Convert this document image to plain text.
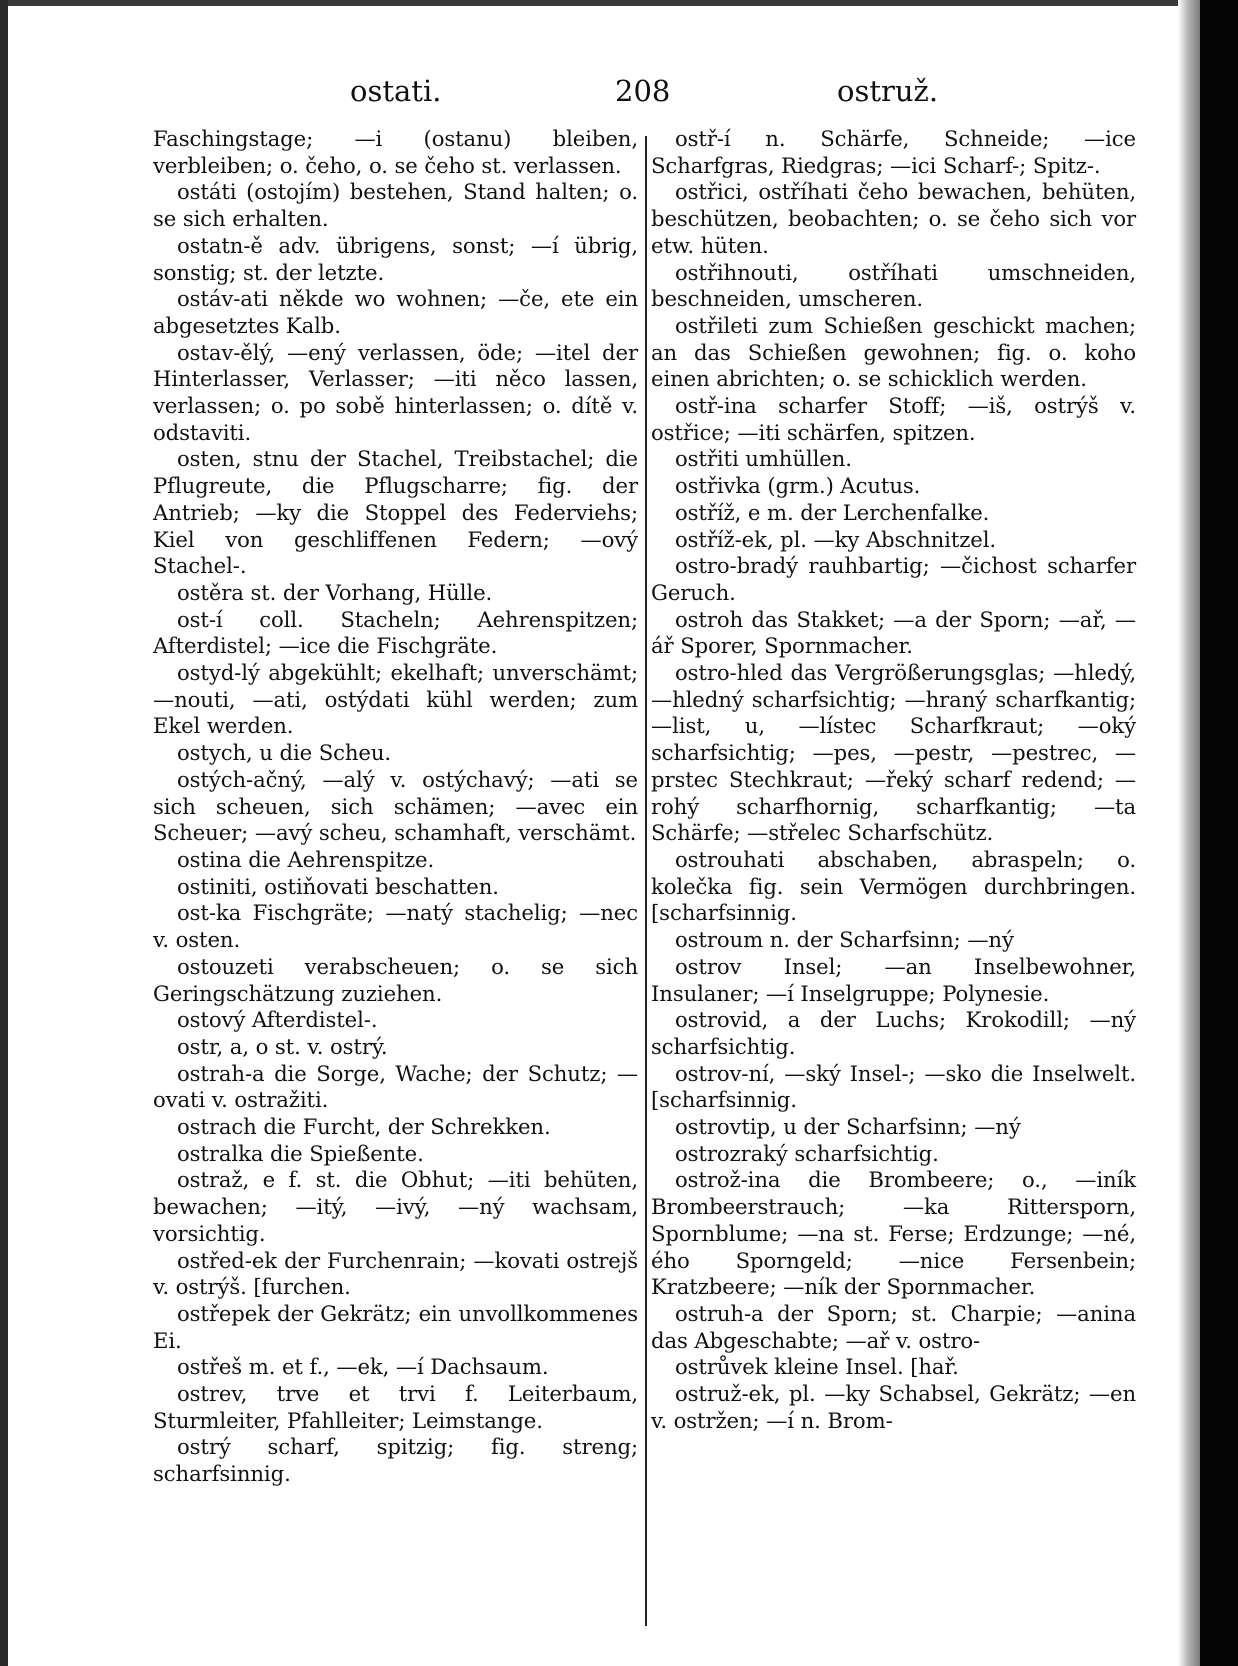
ostati.	208	ostruž.

Faschingstage; —i (ostanu) bleiben, verbleiben; o. čeho, o. se čeho st. verlassen.

ostáti (ostojím) bestehen, Stand halten; o. se sich erhalten.

ostatn-ě adv. übrigens, sonst; —í übrig, sonstig; st. der letzte.

ostáv-ati někde wo wohnen; —če, ete ein abgesetztes Kalb.

ostav-ělý, —ený verlassen, öde; —itel der Hinterlasser, Verlasser; —iti něco lassen, verlassen; o. po sobě hinterlassen; o. dítě v. odstaviti.

osten, stnu der Stachel, Treibstachel; die Pflugreute, die Pflugscharre; fig. der Antrieb; —ky die Stoppel des Federviehs; Kiel von geschliffenen Federn; —ový Stachel-.

ostěra st. der Vorhang, Hülle.

ost-í coll. Stacheln; Aehrenspitzen; Afterdistel; —ice die Fischgräte.

ostyd-lý abgekühlt; ekelhaft; unverschämt; —nouti, —ati, ostýdati kühl werden; zum Ekel werden.

ostych, u die Scheu.

ostých-ačný, —alý v. ostýchavý; —ati se sich scheuen, sich schämen; —avec ein Scheuer; —avý scheu, schamhaft, verschämt.

ostina die Aehrenspitze.

ostiniti, ostiňovati beschatten.

ost-ka Fischgräte; —natý stachelig; —nec v. osten.

ostouzeti verabscheuen; o. se sich Geringschätzung zuziehen.

ostový Afterdistel-.

ostr, a, o st. v. ostrý.

ostrah-a die Sorge, Wache; der Schutz; —ovati v. ostražiti.

ostrach die Furcht, der Schrekken.

ostralka die Spießente.

ostraž, e f. st. die Obhut; —iti behüten, bewachen; —itý, —ivý, —ný wachsam, vorsichtig.

ostřed-ek der Furchenrain; —kovati ostrejš v. ostrýš. [furchen.

ostřepek der Gekrätz; ein unvollkommenes Ei.

ostřeš m. et f., —ek, —í Dachsaum.

ostrev, trve et trvi f. Leiterbaum, Sturmleiter, Pfahlleiter; Leimstange.

ostrý scharf, spitzig; fig. streng; scharfsinnig.

ostř-í n. Schärfe, Schneide; —ice Scharfgras, Riedgras; —ici Scharf-; Spitz-.

ostřici, ostříhati čeho bewachen, behüten, beschützen, beobachten; o. se čeho sich vor etw. hüten.

ostřihnouti, ostříhati umschneiden, beschneiden, umscheren.

ostřileti zum Schießen geschickt machen; an das Schießen gewohnen; fig. o. koho einen abrichten; o. se schicklich werden.

ostř-ina scharfer Stoff; —iš, ostrýš v. ostřice; —iti schärfen, spitzen.

ostřiti umhüllen.

ostřivka (grm.) Acutus.

ostříž, e m. der Lerchenfalke.

ostříž-ek, pl. —ky Abschnitzel.

ostro-bradý rauhbartig; —čichost scharfer Geruch.

ostroh das Stakket; —a der Sporn; —ař, —ář Sporer, Spornmacher.

ostro-hled das Vergrößerungsglas; —hledý, —hledný scharfsichtig; —hraný scharfkantig; —list, u, —lístec Scharfkraut; —oký scharfsichtig; —pes, —pestr, —pestrec, —prstec Stechkraut; —řeký scharf redend; —rohý scharfhornig, scharfkantig; —ta Schärfe; —střelec Scharfschütz.

ostrouhati abschaben, abraspeln; o. kolečka fig. sein Vermögen durchbringen. [scharfsinnig.

ostroum n. der Scharfsinn; —ný

ostrov Insel; —an Inselbewohner, Insulaner; —í Inselgruppe; Polynesie.

ostrovid, a der Luchs; Krokodill; —ný scharfsichtig.

ostrov-ní, —ský Insel-; —sko die Inselwelt. [scharfsinnig.

ostrovtip, u der Scharfsinn; —ný

ostrozraký scharfsichtig.

ostrož-ina die Brombeere; o., —iník Brombeerstrauch; —ka Rittersporn, Spornblume; —na st. Ferse; Erdzunge; —né, ého Sporngeld; —nice Fersenbein; Kratzbeere; —ník der Spornmacher.

ostruh-a der Sporn; st. Charpie; —anina das Abgeschabte; —ař v. ostro-

ostrůvek kleine Insel. [hař.

ostruž-ek, pl. —ky Schabsel, Gekrätz; —en v. ostržen; —í n. Brom-
